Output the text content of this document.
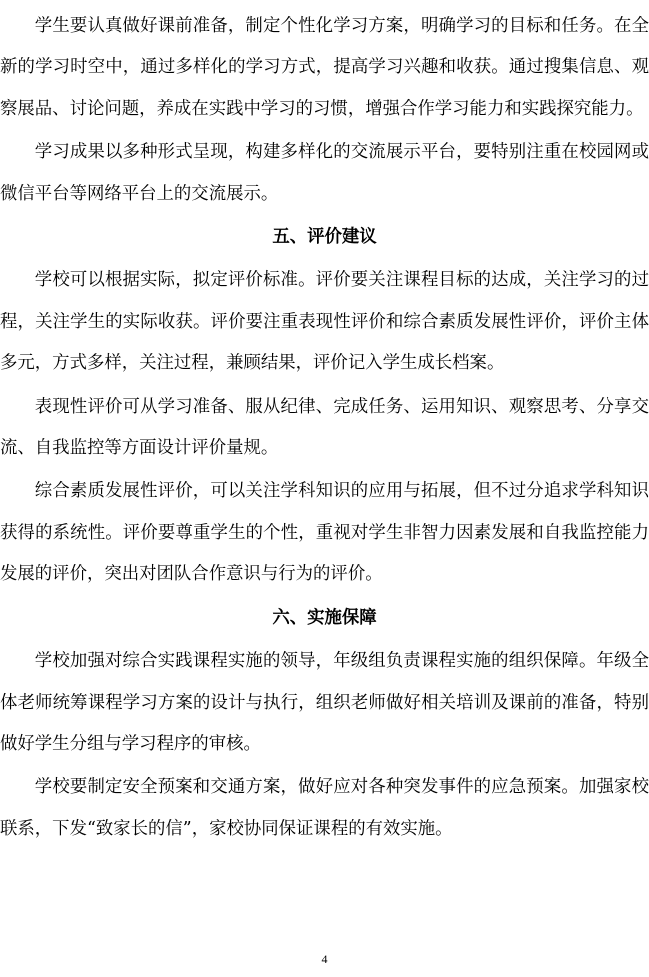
学生要认真做好课前准备，制定个性化学习方案，明确学习的目标和任务。在全新的学习时空中，通过多样化的学习方式，提高学习兴趣和收获。通过搜集信息、观察展品、讨论问题，养成在实践中学习的习惯，增强合作学习能力和实践探究能力。

学习成果以多种形式呈现，构建多样化的交流展示平台，要特别注重在校园网或微信平台等网络平台上的交流展示。

五、评价建议

学校可以根据实际，拟定评价标准。评价要关注课程目标的达成，关注学习的过程，关注学生的实际收获。评价要注重表现性评价和综合素质发展性评价，评价主体多元，方式多样，关注过程，兼顾结果，评价记入学生成长档案。

表现性评价可从学习准备、服从纪律、完成任务、运用知识、观察思考、分享交流、自我监控等方面设计评价量规。

综合素质发展性评价，可以关注学科知识的应用与拓展，但不过分追求学科知识获得的系统性。评价要尊重学生的个性，重视对学生非智力因素发展和自我监控能力发展的评价，突出对团队合作意识与行为的评价。

六、实施保障

学校加强对综合实践课程实施的领导，年级组负责课程实施的组织保障。年级全体老师统筹课程学习方案的设计与执行，组织老师做好相关培训及课前的准备，特别做好学生分组与学习程序的审核。

学校要制定安全预案和交通方案，做好应对各种突发事件的应急预案。加强家校联系，下发“致家长的信”，家校协同保证课程的有效实施。

4
